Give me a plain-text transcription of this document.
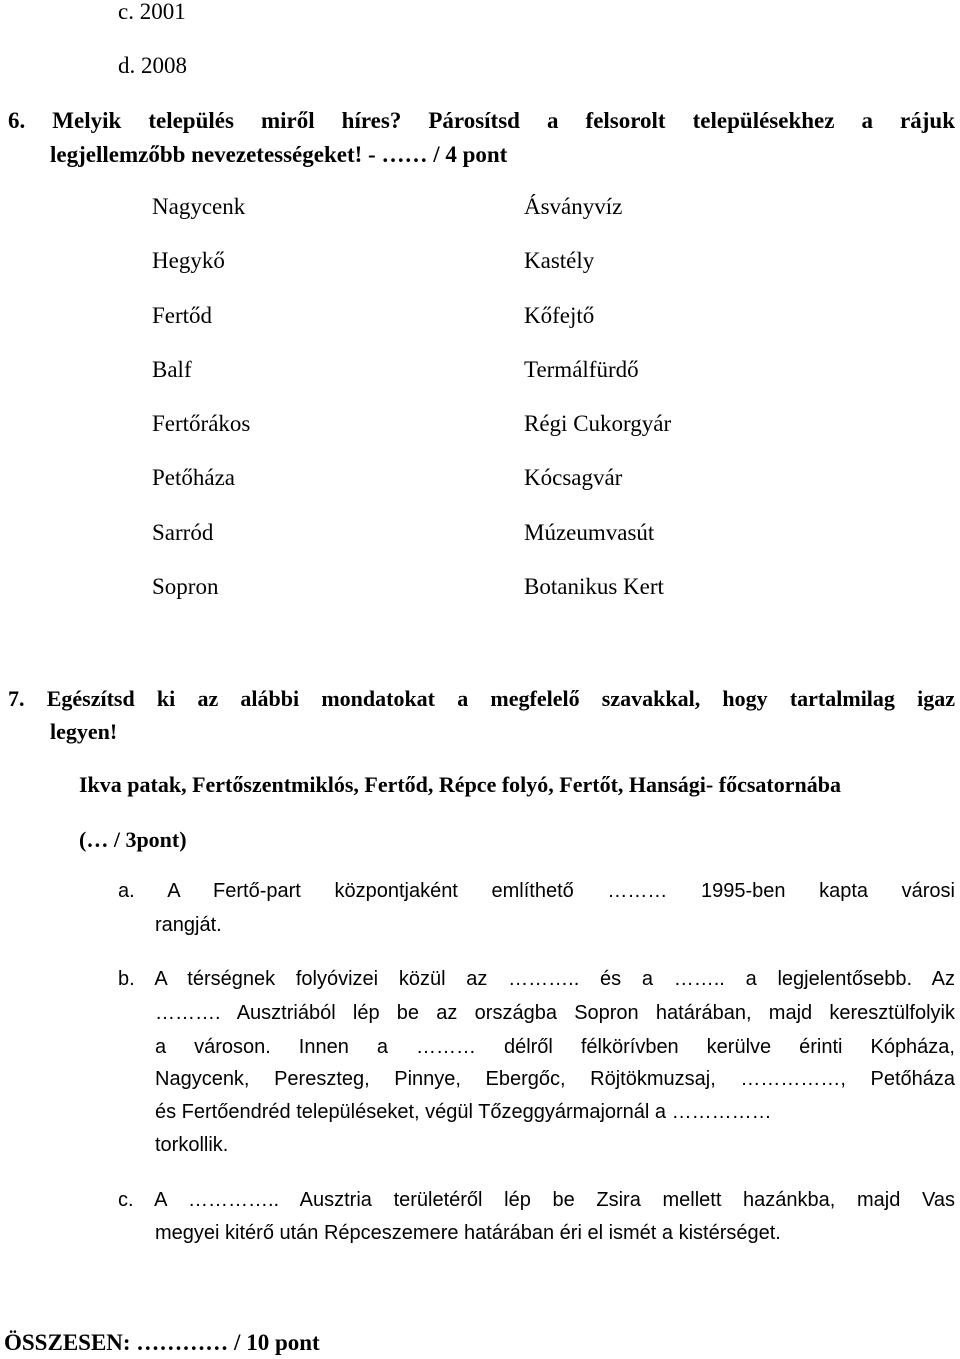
c. 2001
d. 2008
6. Melyik település miről híres? Párosítsd a felsorolt településekhez a rájuk
legjellemzőbb nevezetességeket! - …… / 4 pont
Nagycenk
Hegykő
Fertőd
Balf
Fertőrákos
Petőháza
Sarród
Sopron
Ásványvíz
Kastély
Kőfejtő
Termálfürdő
Régi Cukorgyár
Kócsagvár
Múzeumvasút
Botanikus Kert
7. Egészítsd ki az alábbi mondatokat a megfelelő szavakkal, hogy tartalmilag igaz
legyen!
Ikva patak, Fertőszentmiklós, Fertőd, Répce folyó, Fertőt, Hansági- főcsatornába
(… / 3pont)
a. A Fertő-part központjaként említhető ……… 1995-ben kapta városi
rangját.
b. A térségnek folyóvizei közül az ……….. és a …….. a legjelentősebb. Az
………. Ausztriából lép be az országba Sopron határában, majd keresztülfolyik
a városon. Innen a ……… délről félkörívben kerülve érinti Kópháza,
Nagycenk, Pereszteg, Pinnye, Ebergőc, Röjtökmuzsaj, ……………, Petőháza
és Fertőendréd településeket, végül Tőzeggyármajornál a ……………
torkollik.
c. A ………….. Ausztria területéről lép be Zsira mellett hazánkba, majd Vas
megyei kitérő után Répceszemere határában éri el ismét a kistérséget.
ÖSSZESEN: ………… / 10 pont
